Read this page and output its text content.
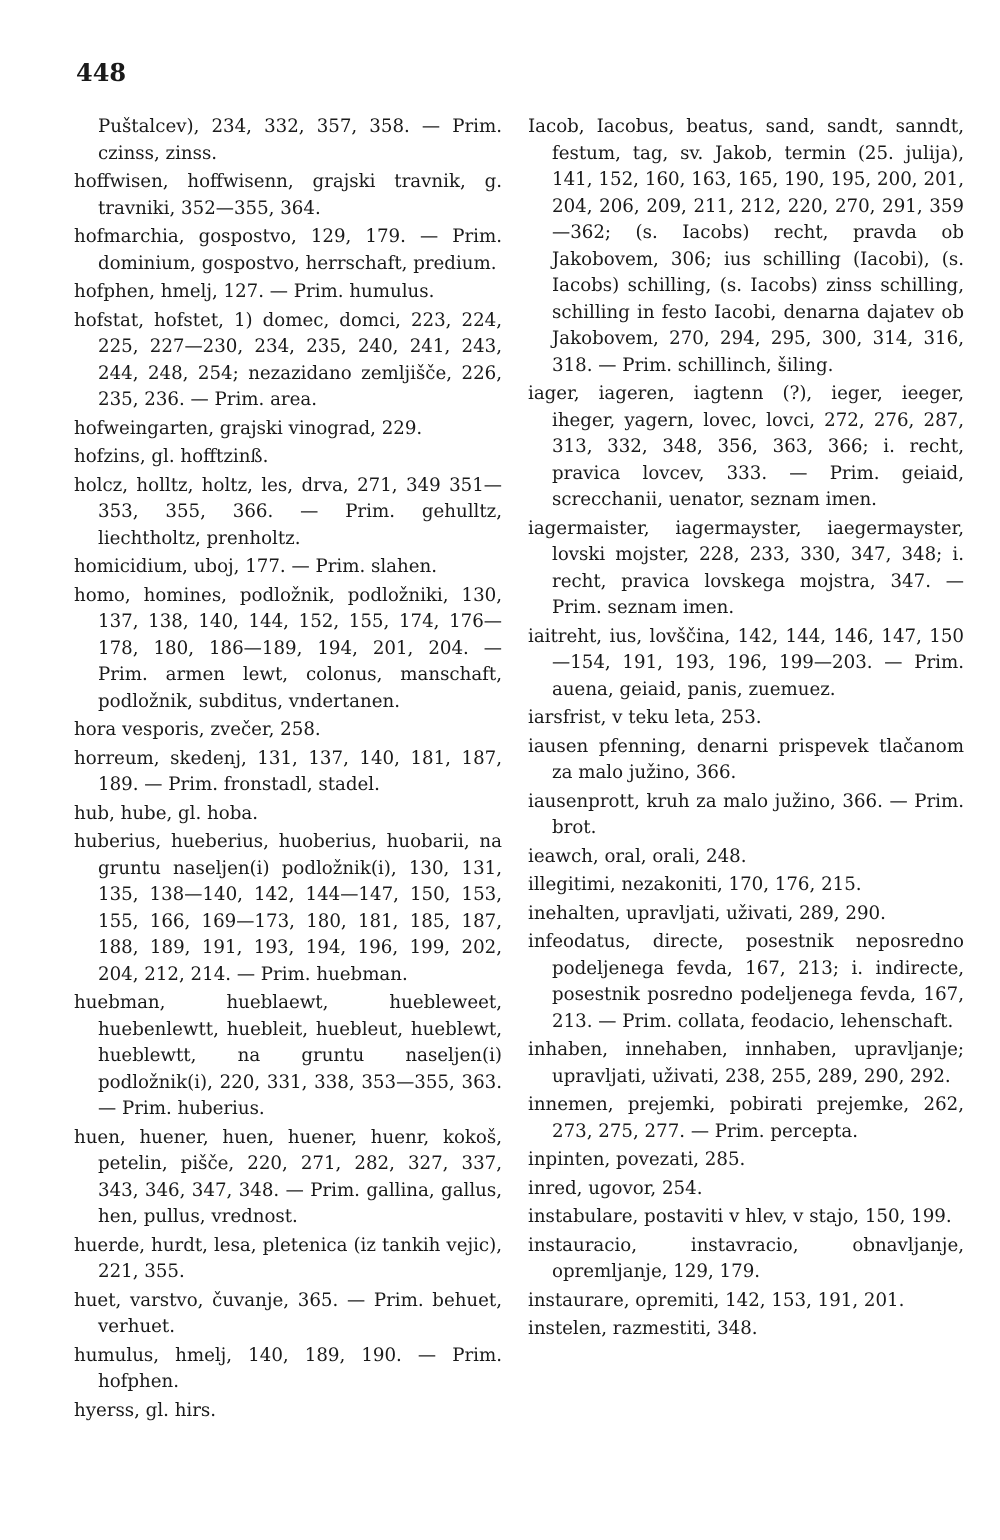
448

Puštalcev), 234, 332, 357, 358. — Prim. czinss, zinss.

hoffwisen, hoffwisenn, grajski travnik, g. travniki, 352—355, 364.

hofmarchia, gospostvo, 129, 179. — Prim. dominium, gospostvo, herrschaft, predium.

hofphen, hmelj, 127. — Prim. humulus.

hofstat, hofstet, 1) domec, domci, 223, 224, 225, 227—230, 234, 235, 240, 241, 243, 244, 248, 254; nezazidano zemljišče, 226, 235, 236. — Prim. area.

hofweingarten, grajski vinograd, 229.

hofzins, gl. hofftzinß.

holcz, holltz, holtz, les, drva, 271, 349 351—353, 355, 366. — Prim. gehulltz, liechtholtz, prenholtz.

homicidium, uboj, 177. — Prim. slahen.

homo, homines, podložnik, podložniki, 130, 137, 138, 140, 144, 152, 155, 174, 176—178, 180, 186—189, 194, 201, 204. — Prim. armen lewt, colonus, manschaft, podložnik, subditus, vndertanen.

hora vesporis, zvečer, 258.

horreum, skedenj, 131, 137, 140, 181, 187, 189. — Prim. fronstadl, stadel.

hub, hube, gl. hoba.

huberius, hueberius, huoberius, huobarii, na gruntu naseljen(i) podložnik(i), 130, 131, 135, 138—140, 142, 144—147, 150, 153, 155, 166, 169—173, 180, 181, 185, 187, 188, 189, 191, 193, 194, 196, 199, 202, 204, 212, 214. — Prim. huebman.

huebman, hueblaewt, huebleweet, huebenlewtt, huebleit, huebleut, hueblewt, hueblewtt, na gruntu naseljen(i) podložnik(i), 220, 331, 338, 353—355, 363. — Prim. huberius.

huen, huener, huen, huener, huenr, kokoš, petelin, pišče, 220, 271, 282, 327, 337, 343, 346, 347, 348. — Prim. gallina, gallus, hen, pullus, vrednost.

huerde, hurdt, lesa, pletenica (iz tankih vejic), 221, 355.

huet, varstvo, čuvanje, 365. — Prim. behuet, verhuet.

humulus, hmelj, 140, 189, 190. — Prim. hofphen.

hyerss, gl. hirs.

Iacob, Iacobus, beatus, sand, sandt, sanndt, festum, tag, sv. Jakob, termin (25. julija), 141, 152, 160, 163, 165, 190, 195, 200, 201, 204, 206, 209, 211, 212, 220, 270, 291, 359—362; (s. Iacobs) recht, pravda ob Jakobovem, 306; ius schilling (Iacobi), (s. Iacobs) schilling, (s. Iacobs) zinss schilling, schilling in festo Iacobi, denarna dajatev ob Jakobovem, 270, 294, 295, 300, 314, 316, 318. — Prim. schillinch, šiling.

iager, iageren, iagtenn (?), ieger, ieeger, iheger, yagern, lovec, lovci, 272, 276, 287, 313, 332, 348, 356, 363, 366; i. recht, pravica lovcev, 333. — Prim. geiaid, screcchanii, uenator, seznam imen.

iagermaister, iagermayster, iaegermayster, lovski mojster, 228, 233, 330, 347, 348; i. recht, pravica lovskega mojstra, 347. — Prim. seznam imen.

iaitreht, ius, lovščina, 142, 144, 146, 147, 150—154, 191, 193, 196, 199—203. — Prim. auena, geiaid, panis, zuemuez.

iarsfrist, v teku leta, 253.

iausen pfenning, denarni prispevek tlačanom za malo južino, 366.

iausenprott, kruh za malo južino, 366. — Prim. brot.

ieawch, oral, orali, 248.

illegitimi, nezakoniti, 170, 176, 215.

inehalten, upravljati, uživati, 289, 290.

infeodatus, directe, posestnik neposredno podeljenega fevda, 167, 213; i. indirecte, posestnik posredno podeljenega fevda, 167, 213. — Prim. collata, feodacio, lehenschaft.

inhaben, innehaben, innhaben, upravljanje; upravljati, uživati, 238, 255, 289, 290, 292.

innemen, prejemki, pobirati prejemke, 262, 273, 275, 277. — Prim. percepta.

inpinten, povezati, 285.

inred, ugovor, 254.

instabulare, postaviti v hlev, v stajo, 150, 199.

instauracio, instavracio, obnavljanje, opremljanje, 129, 179.

instaurare, opremiti, 142, 153, 191, 201.

instelen, razmestiti, 348.
